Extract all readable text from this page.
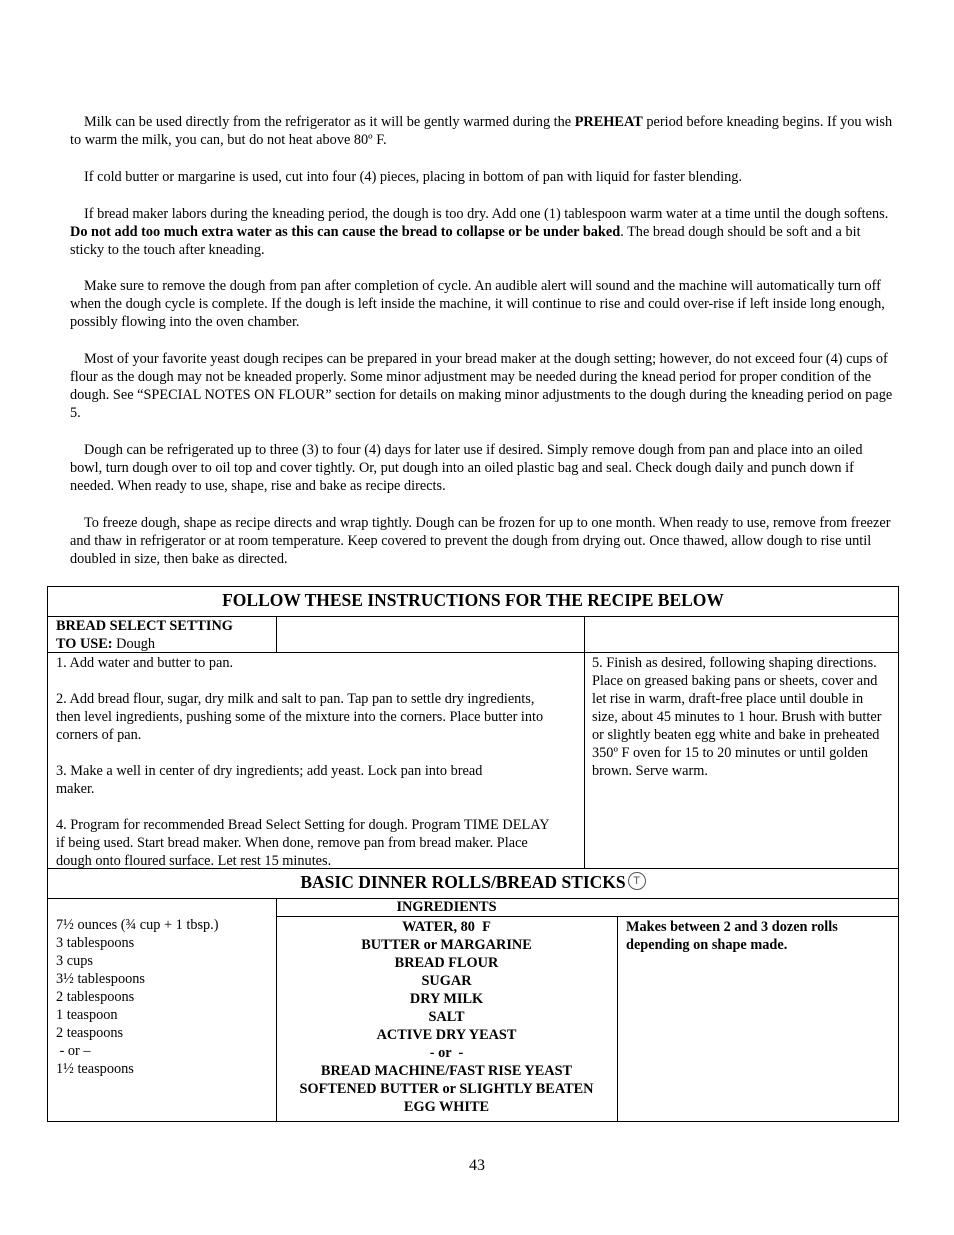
Milk can be used directly from the refrigerator as it will be gently warmed during the PREHEAT period before kneading begins. If you wish to warm the milk, you can, but do not heat above 80º F.

If cold butter or margarine is used, cut into four (4) pieces, placing in bottom of pan with liquid for faster blending.

If bread maker labors during the kneading period, the dough is too dry. Add one (1) tablespoon warm water at a time until the dough softens. Do not add too much extra water as this can cause the bread to collapse or be under baked. The bread dough should be soft and a bit sticky to the touch after kneading.

Make sure to remove the dough from pan after completion of cycle. An audible alert will sound and the machine will automatically turn off when the dough cycle is complete. If the dough is left inside the machine, it will continue to rise and could over-rise if left inside long enough, possibly flowing into the oven chamber.

Most of your favorite yeast dough recipes can be prepared in your bread maker at the dough setting; however, do not exceed four (4) cups of flour as the dough may not be kneaded properly. Some minor adjustment may be needed during the knead period for proper condition of the dough. See “SPECIAL NOTES ON FLOUR” section for details on making minor adjustments to the dough during the kneading period on page 5.

Dough can be refrigerated up to three (3) to four (4) days for later use if desired. Simply remove dough from pan and place into an oiled bowl, turn dough over to oil top and cover tightly. Or, put dough into an oiled plastic bag and seal. Check dough daily and punch down if needed. When ready to use, shape, rise and bake as recipe directs.

To freeze dough, shape as recipe directs and wrap tightly. Dough can be frozen for up to one month. When ready to use, remove from freezer and thaw in refrigerator or at room temperature. Keep covered to prevent the dough from drying out. Once thawed, allow dough to rise until doubled in size, then bake as directed.

FOLLOW THESE INSTRUCTIONS FOR THE RECIPE BELOW
BREAD SELECT SETTING
TO USE: Dough
1. Add water and butter to pan.
2. Add bread flour, sugar, dry milk and salt to pan. Tap pan to settle dry ingredients, then level ingredients, pushing some of the mixture into the corners. Place butter into corners of pan.
3. Make a well in center of dry ingredients; add yeast. Lock pan into bread maker.
4. Program for recommended Bread Select Setting for dough. Program TIME DELAY if being used. Start bread maker. When done, remove pan from bread maker. Place dough onto floured surface. Let rest 15 minutes.
5. Finish as desired, following shaping directions. Place on greased baking pans or sheets, cover and let rise in warm, draft-free place until double in size, about 45 minutes to 1 hour. Brush with butter or slightly beaten egg white and bake in preheated 350º F oven for 15 to 20 minutes or until golden brown. Serve warm.
BASIC DINNER ROLLS/BREAD STICKS T
INGREDIENTS
7½ ounces (¾ cup + 1 tbsp.)
3 tablespoons
3 cups
3½ tablespoons
2 tablespoons
1 teaspoon
2 teaspoons
- or –
1½ teaspoons
WATER, 80  F
BUTTER or MARGARINE
BREAD FLOUR
SUGAR
DRY MILK
SALT
ACTIVE DRY YEAST
- or  -
BREAD MACHINE/FAST RISE YEAST
SOFTENED BUTTER or SLIGHTLY BEATEN
EGG WHITE
Makes between 2 and 3 dozen rolls depending on shape made.
43
